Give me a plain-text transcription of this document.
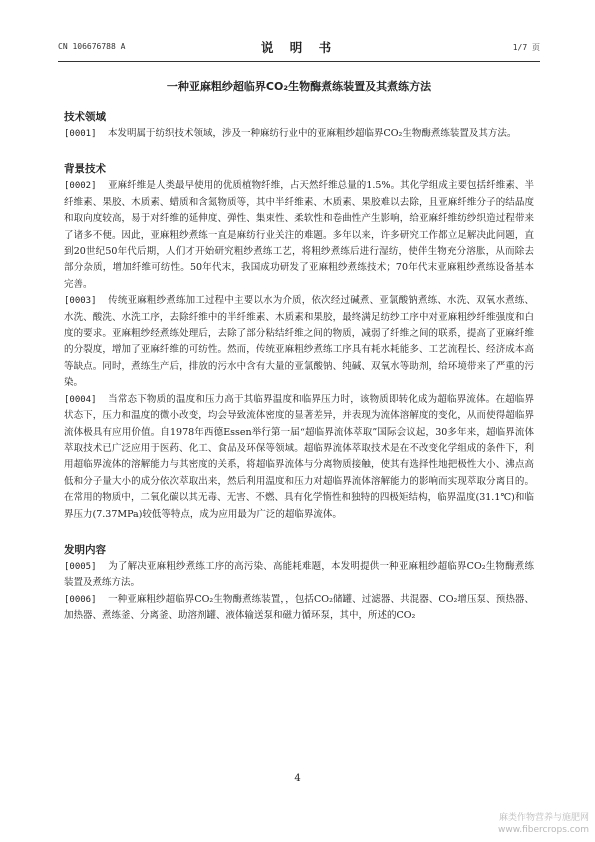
CN 106676788 A	说 明 书	1/7 页
一种亚麻粗纱超临界CO₂生物酶煮练装置及其煮练方法

技术领域

[0001] 本发明属于纺织技术领域，涉及一种麻纺行业中的亚麻粗纱超临界CO₂生物酶煮练装置及其方法。

背景技术

[0002] 亚麻纤维是人类最早使用的优质植物纤维，占天然纤维总量的1.5%。其化学组成主要包括纤维素、半纤维素、果胶、木质素、蜡质和含氮物质等，其中半纤维素、木质素、果胶难以去除，且亚麻纤维分子的结晶度和取向度较高，易于对纤维的延伸度、弹性、集束性、柔软性和卷曲性产生影响，给亚麻纤维纺纱织造过程带来了诸多不便。因此，亚麻粗纱煮练一直是麻纺行业关注的难题。多年以来，许多研究工作都立足解决此问题，直到20世纪50年代后期，人们才开始研究粗纱煮练工艺，将粗纱煮练后进行湿纺，使伴生物充分溶胀，从而除去部分杂质，增加纤维可纺性。50年代末，我国成功研发了亚麻粗纱煮练技术；70年代末亚麻粗纱煮练设备基本完善。

[0003] 传统亚麻粗纱煮练加工过程中主要以水为介质，依次经过碱煮、亚氯酸钠煮练、水洗、双氧水煮练、水洗、酸洗、水洗工序，去除纤维中的半纤维素、木质素和果胶，最终满足纺纱工序中对亚麻粗纱纤维强度和白度的要求。亚麻粗纱经煮练处理后，去除了部分粘结纤维之间的物质，减弱了纤维之间的联系，提高了亚麻纤维的分裂度，增加了亚麻纤维的可纺性。然而，传统亚麻粗纱煮练工序具有耗水耗能多、工艺流程长、经济成本高等缺点。同时，煮练生产后，排放的污水中含有大量的亚氯酸钠、纯碱、双氧水等助剂，给环境带来了严重的污染。

[0004] 当常态下物质的温度和压力高于其临界温度和临界压力时，该物质即转化成为超临界流体。在超临界状态下，压力和温度的微小改变，均会导致流体密度的显著差异，并表现为流体溶解度的变化，从而使得超临界流体极具有应用价值。自1978年西德Essen举行第一届“超临界流体萃取”国际会议起，30多年来，超临界流体萃取技术已广泛应用于医药、化工、食品及环保等领域。超临界流体萃取技术是在不改变化学组成的条件下，利用超临界流体的溶解能力与其密度的关系，将超临界流体与分离物质接触，使其有选择性地把极性大小、沸点高低和分子量大小的成分依次萃取出来，然后利用温度和压力对超临界流体溶解能力的影响而实现萃取分离目的。在常用的物质中，二氧化碳以其无毒、无害、不燃、具有化学惰性和独特的四极矩结构，临界温度(31.1℃)和临界压力(7.37MPa)较低等特点，成为应用最为广泛的超临界流体。

发明内容

[0005] 为了解决亚麻粗纱煮练工序的高污染、高能耗难题，本发明提供一种亚麻粗纱超临界CO₂生物酶煮练装置及煮练方法。

[0006] 一种亚麻粗纱超临界CO₂生物酶煮练装置，，包括CO₂储罐、过滤器、共混器、CO₂增压泵、预热器、加热器、煮练釜、分离釜、助溶剂罐、液体输送泵和磁力循环泵，其中，所述的CO₂

4
麻类作物营养与施肥网
www.fibercrops.com
